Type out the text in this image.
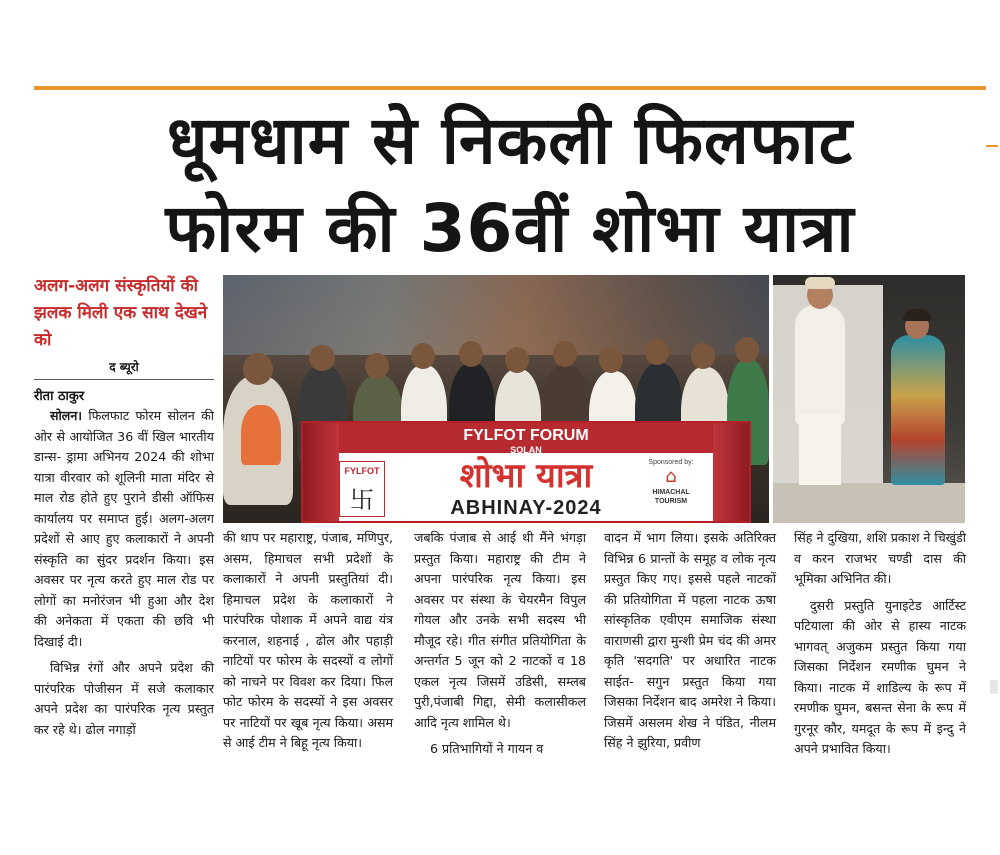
धूमधाम से निकली फिलफाट
फोरम की 36वीं शोभा यात्रा
अलग-अलग संस्कृतियों की झलक मिली एक साथ देखने को
द ब्यूरो
रीता ठाकुर
FYLFOT FORUM
SOLAN
FYLFOT
卐
शोभा यात्रा
ABHINAY-2024
Sponsored by:
⌂
HIMACHAL TOURISM

सोलन। फिलफाट फोरम सोलन की ओर से आयोजित 36 वीं खिल भारतीय डान्स- ड्रामा अभिनय 2024 की शोभा यात्रा वीरवार को शूलिनी माता मंदिर से माल रोड होते हुए पुराने डीसी ऑफिस कार्यालय पर समाप्त हुई। अलग-अलग प्रदेशों से आए हुए कलाकारों ने अपनी संस्कृति का सुंदर प्रदर्शन किया। इस अवसर पर नृत्य करते हुए माल रोड पर लोगों का मनोरंजन भी हुआ और देश की अनेकता में एकता की छवि भी दिखाई दी।

विभिन्न रंगों और अपने प्रदेश की पारंपरिक पोजीसन में सजे कलाकार अपने प्रदेश का पारंपरिक नृत्य प्रस्तुत कर रहे थे। ढोल नगाड़ों

की थाप पर महाराष्ट्र, पंजाब, मणिपुर, असम, हिमाचल सभी प्रदेशों के कलाकारों ने अपनी प्रस्तुतियां दी। हिमाचल प्रदेश के कलाकारों ने पारंपरिक पोशाक में अपने वाद्य यंत्र करनाल, शहनाई , ढोल और पहाड़ी नाटियों पर फोरम के सदस्यों व लोगों को नाचने पर विवश कर दिया। फिल फोट फोरम के सदस्यों ने इस अवसर पर नाटियों पर खूब नृत्य किया। असम से आई टीम ने बिहू नृत्य किया।

जबकि पंजाब से आई थी मैंने भंगड़ा प्रस्तुत किया। महाराष्ट्र की टीम ने अपना पारंपरिक नृत्य किया। इस अवसर पर संस्था के चेयरमैन विपुल गोयल और उनके सभी सदस्य भी मौजूद रहे। गीत संगीत प्रतियोगिता के अन्तर्गत 5 जून को 2 नाटकों व 18 एकल नृत्य जिसमें उडिसी, सम्लब पुरी,पंजाबी गिद्दा, सेमी कलासीकल आदि नृत्य शामिल थे।

6 प्रतिभागियों ने गायन व

वादन में भाग लिया। इसके अतिरिक्त विभिन्न 6 प्रान्तों के समूह व लोक नृत्य प्रस्तुत किए गए। इससे पहले नाटकों की प्रतियोगिता में पहला नाटक ऊषा सांस्कृतिक एवीएम समाजिक संस्था वाराणसी द्वारा मुन्शी प्रेम चंद की अमर कृति 'सदगति' पर अधारित नाटक साईत- सगुन प्रस्तुत किया गया जिसका निर्देशन बाद अमरेश ने किया। जिसमें असलम शेख ने पंडित, नीलम सिंह ने झुरिया, प्रवीण

सिंह ने दुखिया, शशि प्रकाश ने चिखुंडी व करन राजभर चण्डी दास की भूमिका अभिनित की।

दुसरी प्रस्तुति युनाइटेड आर्टिस्ट पटियाला की ओर से हास्य नाटक भागवत् अजुकम प्रस्तुत किया गया जिसका निर्देशन रमणीक घुमन ने किया। नाटक में शाडिल्य के रूप में रमणीक घुमन, बसन्त सेना के रूप में गुरनूर कौर, यमदूत के रूप में इन्दु ने अपने प्रभावित किया।
